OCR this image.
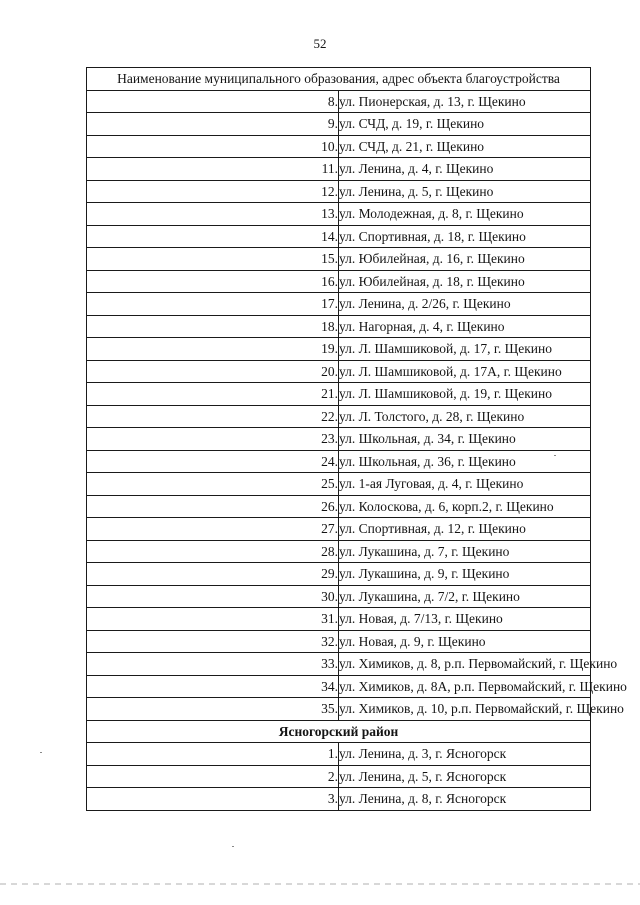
52
Наименование муниципального образования, адрес объекта благоустройства	
8.	ул. Пионерская, д. 13, г. Щекино
9.	ул. СЧД, д. 19, г. Щекино
10.	ул. СЧД, д. 21, г. Щекино
11.	ул. Ленина, д. 4, г. Щекино
12.	ул. Ленина, д. 5, г. Щекино
13.	ул. Молодежная, д. 8, г. Щекино
14.	ул. Спортивная, д. 18, г. Щекино
15.	ул. Юбилейная, д. 16, г. Щекино
16.	ул. Юбилейная, д. 18, г. Щекино
17.	ул. Ленина, д. 2/26, г. Щекино
18.	ул. Нагорная, д. 4, г. Щекино
19.	ул. Л. Шамшиковой, д. 17, г. Щекино
20.	ул. Л. Шамшиковой, д. 17А, г. Щекино
21.	ул. Л. Шамшиковой, д. 19, г. Щекино
22.	ул. Л. Толстого, д. 28, г. Щекино
23.	ул. Школьная, д. 34, г. Щекино
24.	ул. Школьная, д. 36, г. Щекино
25.	ул. 1-ая Луговая, д. 4, г. Щекино
26.	ул. Колоскова, д. 6, корп.2, г. Щекино
27.	ул. Спортивная, д. 12, г. Щекино
28.	ул. Лукашина, д. 7, г. Щекино
29.	ул. Лукашина, д. 9, г. Щекино
30.	ул. Лукашина, д. 7/2, г. Щекино
31.	ул. Новая, д. 7/13, г. Щекино
32.	ул. Новая, д. 9, г. Щекино
33.	ул. Химиков, д. 8, р.п. Первомайский, г. Щекино
34.	ул. Химиков, д. 8А, р.п. Первомайский, г. Щекино
35.	ул. Химиков, д. 10, р.п. Первомайский, г. Щекино
Ясногорский район	
1.	ул. Ленина, д. 3, г. Ясногорск
2.	ул. Ленина, д. 5, г. Ясногорск
3.	ул. Ленина, д. 8, г. Ясногорск
